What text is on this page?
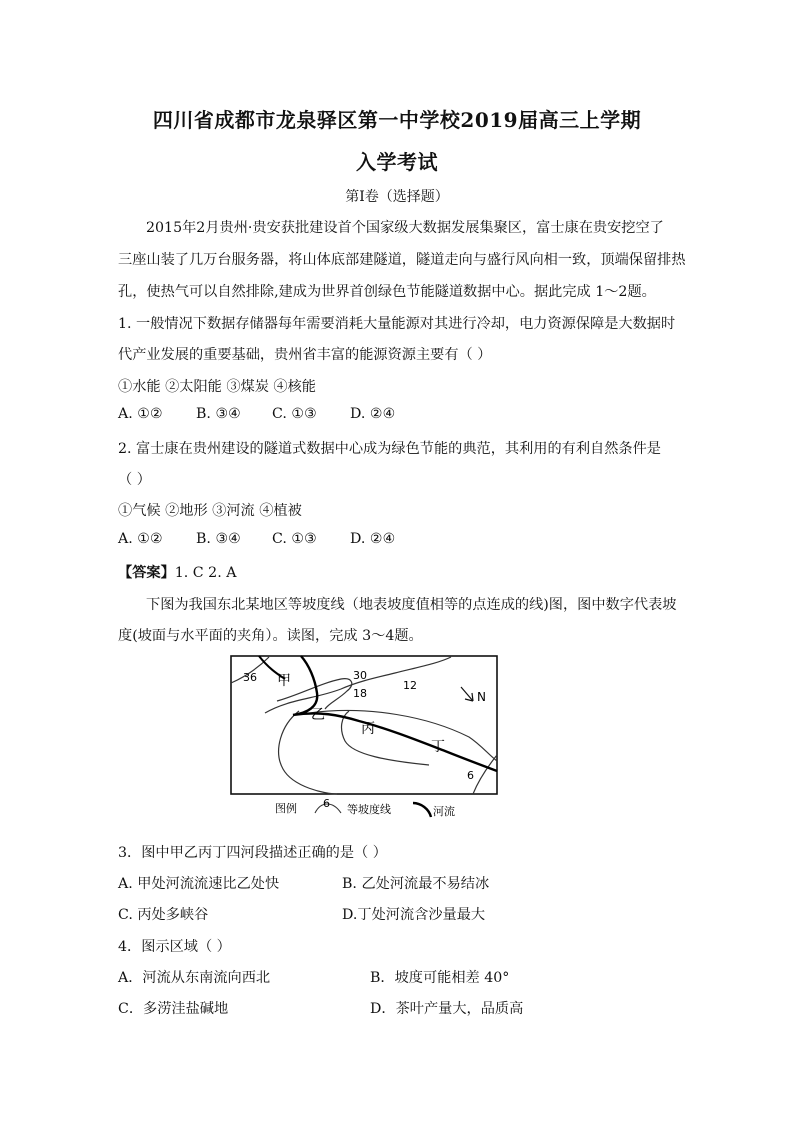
四川省成都市龙泉驿区第一中学校2019届高三上学期
入学考试
第Ⅰ卷（选择题）
2015年2月贵州·贵安获批建设首个国家级大数据发展集聚区，富士康在贵安挖空了
三座山装了几万台服务器，将山体底部建隧道，隧道走向与盛行风向相一致，顶端保留排热
孔，使热气可以自然排除,建成为世界首创绿色节能隧道数据中心。据此完成 1～2题。
1. 一般情况下数据存储器每年需要消耗大量能源对其进行冷却，电力资源保障是大数据时
代产业发展的重要基础，贵州省丰富的能源资源主要有（ ）
①水能 ②太阳能 ③煤炭 ④核能
A. ①② B. ③④ C. ①③ D. ②④
2. 富士康在贵州建设的隧道式数据中心成为绿色节能的典范，其利用的有利自然条件是
（ ）
①气候 ②地形 ③河流 ④植被
A. ①② B. ③④ C. ①③ D. ②④
【答案】1. C 2. A
下图为我国东北某地区等坡度线（地表坡度值相等的点连成的线)图，图中数字代表坡
度(坡面与水平面的夹角）。读图，完成 3～4题。
36	30
18
12
6
甲
乙
丙
丁
N
图例 6 等坡度线	河流
3．图中甲乙丙丁四河段描述正确的是（ ）
A. 甲处河流流速比乙处快	B. 乙处河流最不易结冰
C. 丙处多峡谷	D.丁处河流含沙量最大
4．图示区域（ ）
A．河流从东南流向西北	B．坡度可能相差 40°
C．多涝洼盐碱地	D．茶叶产量大，品质高
